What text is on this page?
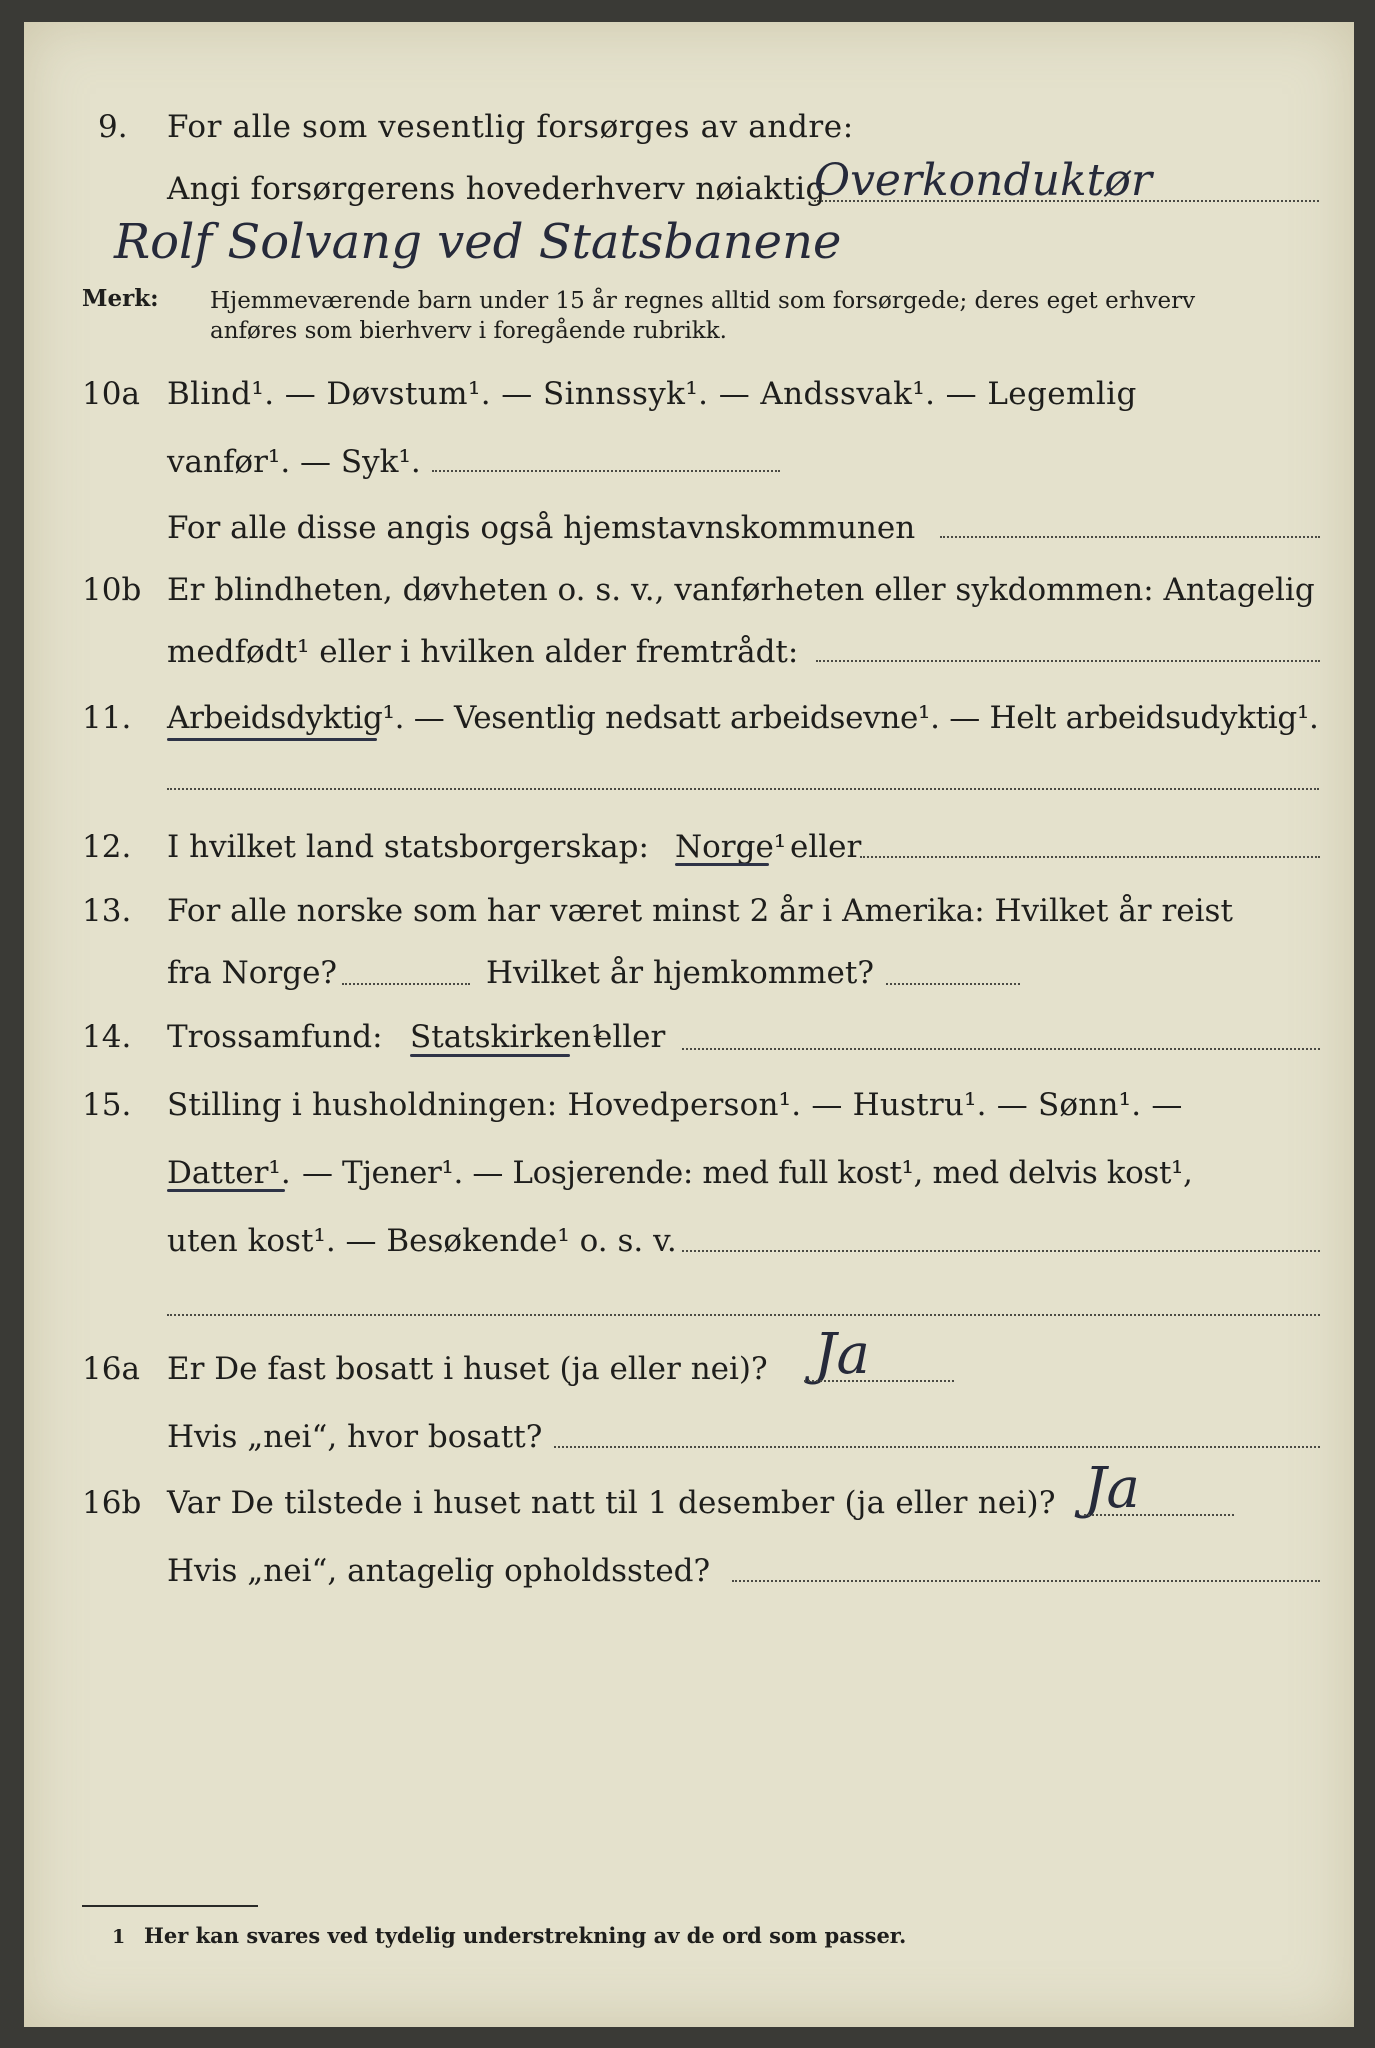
9. For alle som vesentlig forsørges av andre:
Angi forsørgerens hovederhverv nøiaktig
Overkonduktør
Rolf Solvang ved Statsbanene
Merk: Hjemmeværende barn under 15 år regnes alltid som forsørgede; deres eget erhverv
anføres som bierhverv i foregående rubrikk.
10a Blind¹. — Døvstum¹. — Sinnssyk¹. — Andssvak¹. — Legemlig
vanfør¹. — Syk¹.
For alle disse angis også hjemstavnskommunen
10b Er blindheten, døvheten o. s. v., vanførheten eller sykdommen: Antagelig
medfødt¹ eller i hvilken alder fremtrådt:
11. Arbeidsdyktig¹. — Vesentlig nedsatt arbeidsevne¹. — Helt arbeidsudyktig¹.
12. I hvilket land statsborgerskap: Norge¹ eller
13. For alle norske som har været minst 2 år i Amerika: Hvilket år reist
fra Norge?	Hvilket år hjemkommet?
14. Trossamfund: Statskirken¹
eller
15. Stilling i husholdningen: Hovedperson¹. — Hustru¹. — Sønn¹. —
Datter¹. — Tjener¹. — Losjerende: med full kost¹, med delvis kost¹,
uten kost¹. — Besøkende¹ o. s. v.
16a Er De fast bosatt i huset (ja eller nei)? Ja
Hvis „nei“, hvor bosatt?
16b Var De tilstede i huset natt til 1 desember (ja eller nei)? Ja
Hvis „nei“, antagelig opholdssted?
1 Her kan svares ved tydelig understrekning av de ord som passer.
